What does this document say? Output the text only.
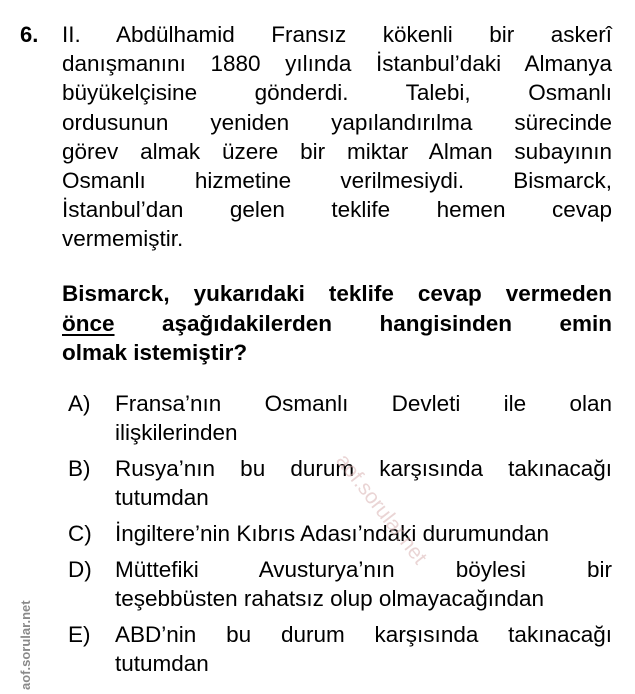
6. II. Abdülhamid Fransız kökenli bir askerî
danışmanını 1880 yılında İstanbul’daki Almanya
büyükelçisine gönderdi. Talebi, Osmanlı
ordusunun yeniden yapılandırılma sürecinde
görev almak üzere bir miktar Alman subayının
Osmanlı hizmetine verilmesiydi. Bismarck,
İstanbul’dan gelen teklife hemen cevap
vermemiştir.
Bismarck, yukarıdaki teklife cevap vermeden
önce aşağıdakilerden hangisinden emin
olmak istemiştir?
A)	Fransa’nın Osmanlı Devleti ile olan
ilişkilerinden
B)	Rusya’nın bu durum karşısında takınacağı
tutumdan
C)	İngiltere’nin Kıbrıs Adası’ndaki durumundan
D)	Müttefiki Avusturya’nın böylesi bir
teşebbüsten rahatsız olup olmayacağından
E)	ABD’nin bu durum karşısında takınacağı
tutumdan
aof.sorular.net
aof.sorular.net
